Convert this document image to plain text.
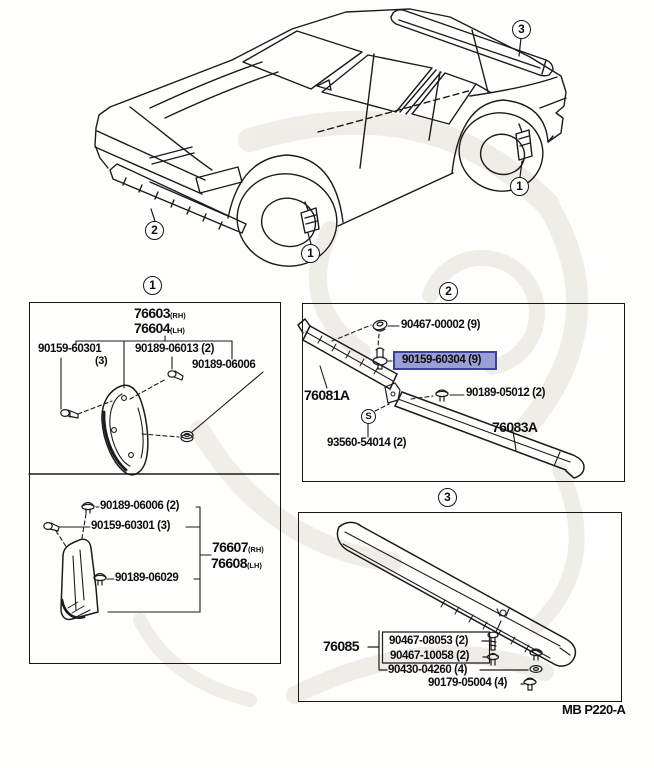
3
1
1
2
1	2
3
76603(RH)
76604(LH)
90159-60301
(3)
90189-06013 (2)
90189-06006
90189-06006 (2)
90159-60301 (3)
76607(RH)
76608(LH)
90189-06029
90467-00002 (9)
90159-60304 (9)
76081A	90189-05012 (2)
S
93560-54014 (2)
76083A
76085	90467-08053 (2)
90467-10058 (2)
90430-04260 (4)
90179-05004 (4)
MB P220-A
